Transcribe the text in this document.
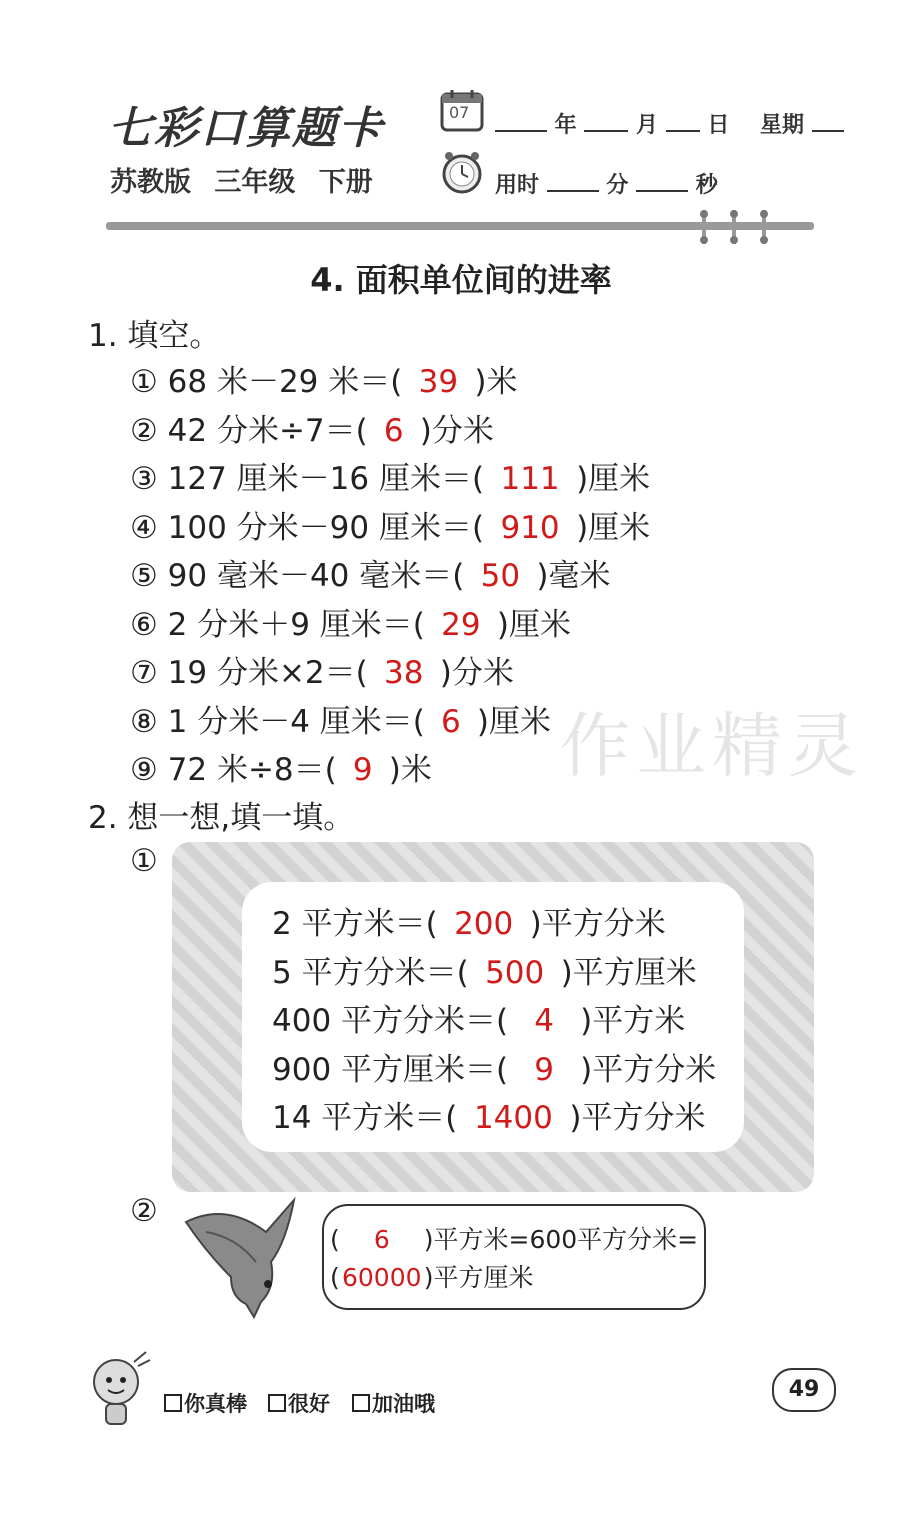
七彩口算题卡
苏教版 三年级 下册
07
年	月 日 星期
用时	分	秒
4. 面积单位间的进率
1. 填空。
① 68 米－29 米＝( 39 )米
② 42 分米÷7＝( 6 )分米
③ 127 厘米－16 厘米＝( 111 )厘米
④ 100 分米－90 厘米＝( 910 )厘米
⑤ 90 毫米－40 毫米＝( 50 )毫米
⑥ 2 分米＋9 厘米＝( 29 )厘米
⑦ 19 分米×2＝( 38 )分米
⑧ 1 分米－4 厘米＝( 6 )厘米
⑨ 72 米÷8＝( 9 )米 作业精灵
2. 想一想,填一填。
①
2 平方米＝( 200 )平方分米
5 平方分米＝( 500 )平方厘米
400 平方分米＝( 4 )平方米
900 平方厘米＝( 9 )平方分米
14 平方米＝( 1400 )平方分米
②
( 6 )平方米=600平方分米=
(60000)平方厘米
你真棒	很好	加油哦
49
